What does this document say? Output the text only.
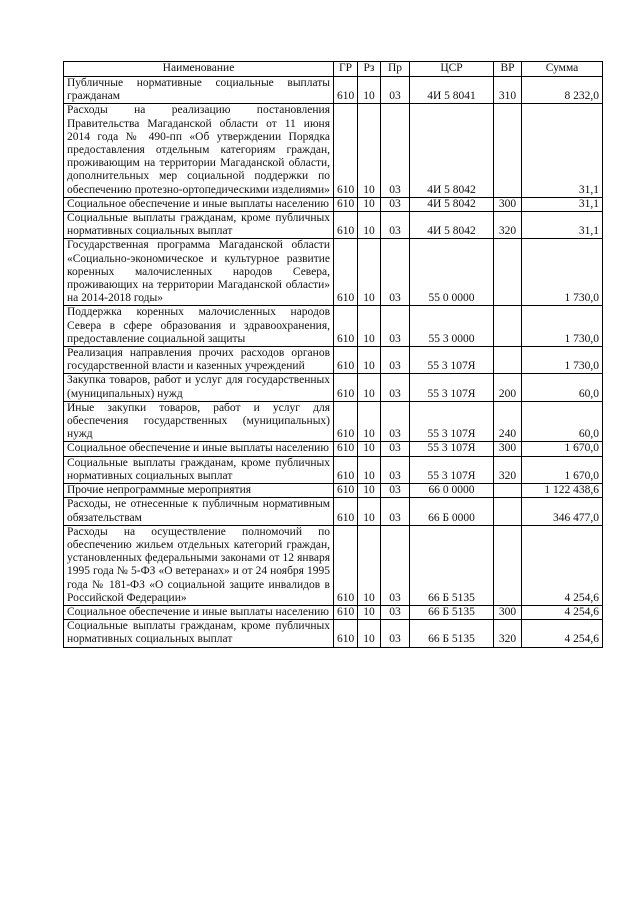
Наименование	ГР	Рз	Пр	ЦСР	ВР	Сумма
Публичные нормативные социальные выплаты гражданам	610	10	03	4И 5 8041	310	8 232,0
Расходы на реализацию постановления Правительства Магаданской области от 11 июня 2014 года № 490-пп «Об утверждении Порядка предоставления отдельным категориям граждан, проживающим на территории Магаданской области, дополнительных мер социальной поддержки по обеспечению протезно-ортопедическими изделиями»	610	10	03	4И 5 8042		31,1
Социальное обеспечение и иные выплаты населению	610	10	03	4И 5 8042	300	31,1
Социальные выплаты гражданам, кроме публичных нормативных социальных выплат	610	10	03	4И 5 8042	320	31,1
Государственная программа Магаданской области «Социально-экономическое и культурное развитие коренных малочисленных народов Севера, проживающих на территории Магаданской области» на 2014-2018 годы»	610	10	03	55 0 0000		1 730,0
Поддержка коренных малочисленных народов Севера в сфере образования и здравоохранения, предоставление социальной защиты	610	10	03	55 3 0000		1 730,0
Реализация направления прочих расходов органов государственной власти и казенных учреждений	610	10	03	55 3 107Я		1 730,0
Закупка товаров, работ и услуг для государственных (муниципальных) нужд	610	10	03	55 3 107Я	200	60,0
Иные закупки товаров, работ и услуг для обеспечения государственных (муниципальных) нужд	610	10	03	55 3 107Я	240	60,0
Социальное обеспечение и иные выплаты населению	610	10	03	55 3 107Я	300	1 670,0
Социальные выплаты гражданам, кроме публичных нормативных социальных выплат	610	10	03	55 3 107Я	320	1 670,0
Прочие непрограммные мероприятия	610	10	03	66 0 0000		1 122 438,6
Расходы, не отнесенные к публичным нормативным обязательствам	610	10	03	66 Б 0000		346 477,0
Расходы на осуществление полномочий по обеспечению жильем отдельных категорий граждан, установленных федеральными законами от 12 января 1995 года № 5-ФЗ «О ветеранах» и от 24 ноября 1995 года № 181-ФЗ «О социальной защите инвалидов в Российской Федерации»	610	10	03	66 Б 5135		4 254,6
Социальное обеспечение и иные выплаты населению	610	10	03	66 Б 5135	300	4 254,6
Социальные выплаты гражданам, кроме публичных нормативных социальных выплат	610	10	03	66 Б 5135	320	4 254,6
